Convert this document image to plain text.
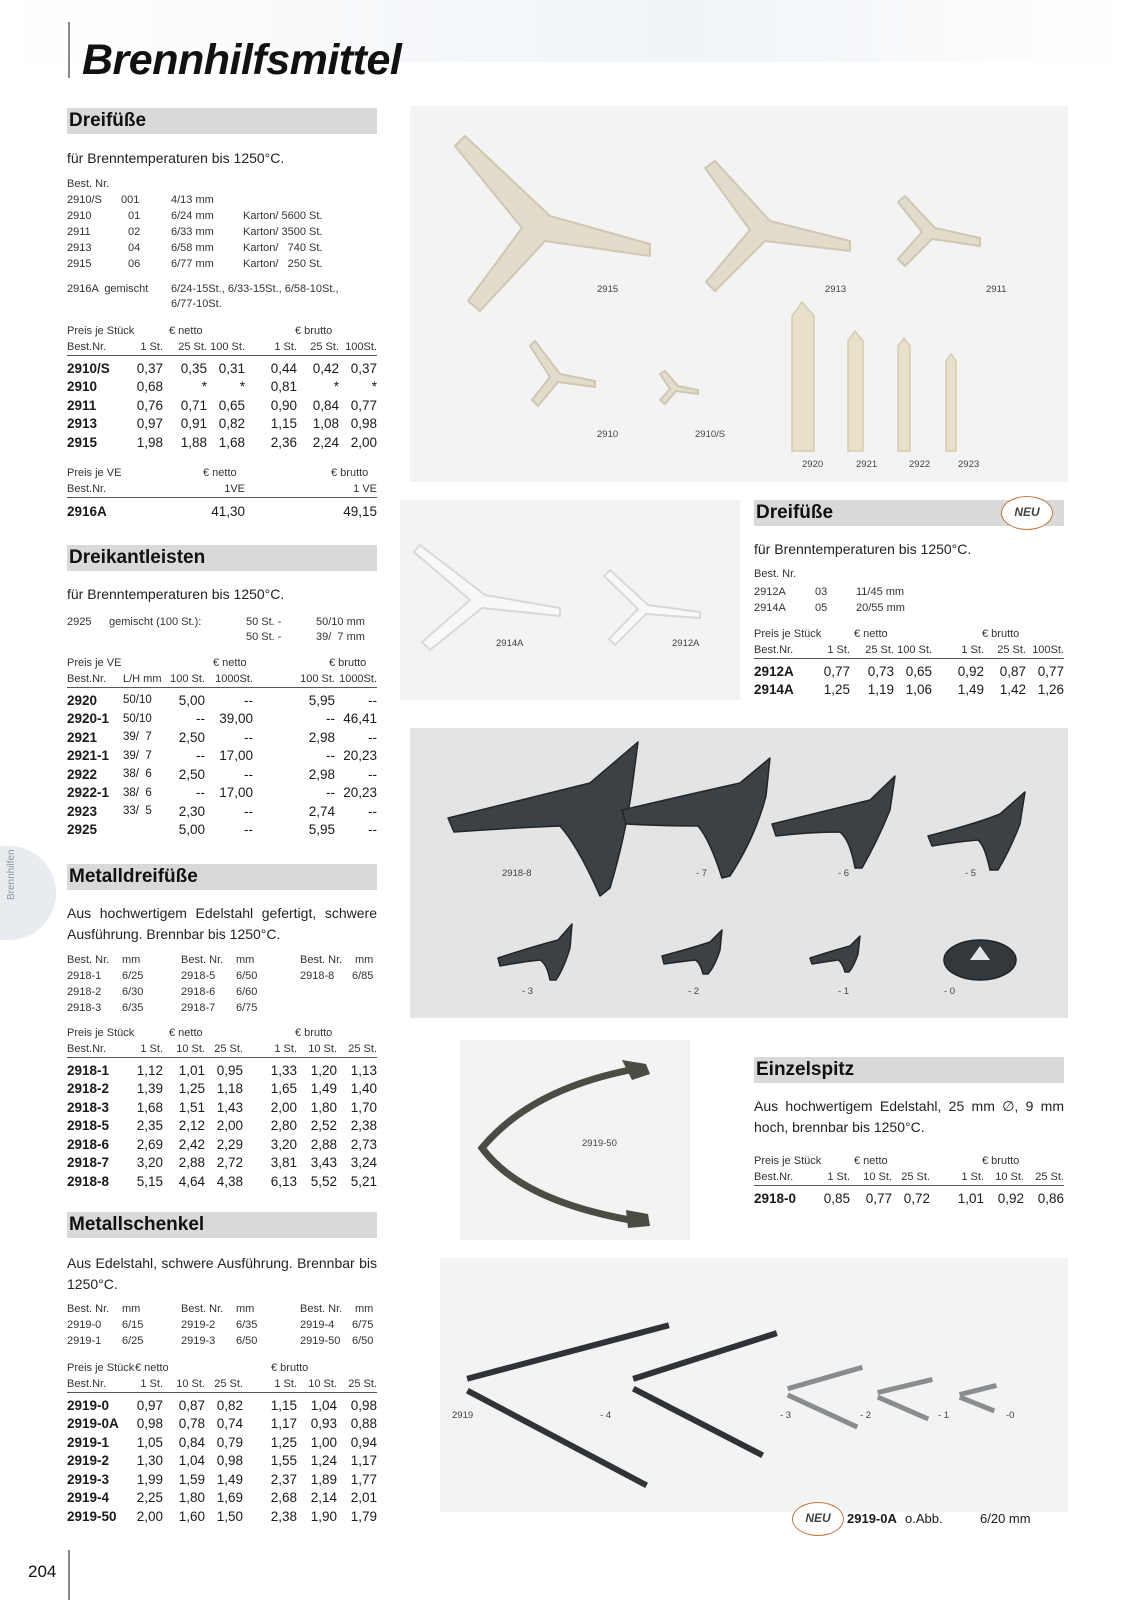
Brennhilfsmittel
Dreifüße
für Brenntemperaturen bis 1250°C.
Best. Nr.
2910/S 001	4/13 mm
2910	01	6/24 mm	Karton/ 5600 St.
2911	02	6/33 mm	Karton/ 3500 St.
2913	04	6/58 mm	Karton/   740 St.
2915	06	6/77 mm	Karton/   250 St.
2916A  gemischt 6/24-15St., 6/33-15St., 6/58-10St.,
6/77-10St.
Preis je Stück	€ netto	€ brutto
Best.Nr.	1 St. 25 St. 100 St.	1 St. 25 St. 100St.
2910/S	0,37	0,35	0,31	0,44	0,42	0,37
2910	0,68	*	*	0,81	*	*
2911	0,76	0,71	0,65	0,90	0,84	0,77
2913	0,97	0,91	0,82	1,15	1,08	0,98
2915	1,98	1,88	1,68	2,36	2,24	2,00
Preis je VE	€ netto	€ brutto
Best.Nr.	1VE	1 VE
2916A	41,30	49,15
Dreikantleisten
für Brenntemperaturen bis 1250°C.
2925 gemischt (100 St.):	50 St. -	50/10 mm
50 St. -	39/  7 mm
Preis je VE	€ netto	€ brutto
Best.Nr. L/H mm 100 St. 1000St.	100 St. 1000St.
2920	50/10	5,00	--	5,95	--
2920-1	50/10	--	39,00	--	46,41
2921	39/  7	2,50	--	2,98	--
2921-1	39/  7	--	17,00	--	20,23
2922	38/  6	2,50	--	2,98	--
2922-1	38/  6	--	17,00	--	20,23
2923	33/  5	2,30	--	2,74	--
2925		5,00	--	5,95	--
Brennhilfen	Metalldreifüße
Aus hochwertigem Edelstahl gefertigt, schwere Ausführung. Brennbar bis 1250°C.
Best. Nr. mm
2918-1 6/25
2918-2 6/30
2918-3 6/35
Best. Nr. mm
2918-5 6/50
2918-6 6/60
2918-7 6/75
Best. Nr. mm
2918-8 6/85
Preis je Stück	€ netto	€ brutto
Best.Nr.	1 St. 10 St. 25 St.	1 St. 10 St. 25 St.
2918-1	1,12	1,01	0,95	1,33	1,20	1,13
2918-2	1,39	1,25	1,18	1,65	1,49	1,40
2918-3	1,68	1,51	1,43	2,00	1,80	1,70
2918-5	2,35	2,12	2,00	2,80	2,52	2,38
2918-6	2,69	2,42	2,29	3,20	2,88	2,73
2918-7	3,20	2,88	2,72	3,81	3,43	3,24
2918-8	5,15	4,64	4,38	6,13	5,52	5,21
Metallschenkel
Aus Edelstahl, schwere Ausführung. Brennbar bis 1250°C.
Best. Nr. mm
2919-0 6/15
2919-1 6/25
Best. Nr. mm
2919-2 6/35
2919-3 6/50
Best. Nr. mm
2919-4 6/75
2919-50 6/50
Preis je Stück € netto	€ brutto
Best.Nr.	1 St. 10 St. 25 St.	1 St. 10 St. 25 St.
2919-0	0,97	0,87	0,82	1,15	1,04	0,98
2919-0A	0,98	0,78	0,74	1,17	0,93	0,88
2919-1	1,05	0,84	0,79	1,25	1,00	0,94
2919-2	1,30	1,04	0,98	1,55	1,24	1,17
2919-3	1,99	1,59	1,49	2,37	1,89	1,77
2919-4	2,25	1,80	1,69	2,68	2,14	2,01
2919-50	2,00	1,60	1,50	2,38	1,90	1,79
2915	2913	2911
2910	2910/S
2920	2921	2922	2923
2914A	2912A
Dreifüße	NEU
für Brenntemperaturen bis 1250°C.
Best. Nr.
2912A	03	11/45 mm
2914A	05	20/55 mm
Preis je Stück	€ netto	€ brutto
Best.Nr.	1 St. 25 St. 100 St.	1 St. 25 St. 100St.
2912A	0,77	0,73	0,65	0,92	0,87	0,77
2914A	1,25	1,19	1,06	1,49	1,42	1,26
2918-8	- 7	- 6	- 5
- 3	- 2	- 1	- 0
2919-50
Einzelspitz
Aus hochwertigem Edelstahl, 25 mm ∅, 9 mm hoch, brennbar bis 1250°C.
Preis je Stück	€ netto	€ brutto
Best.Nr.	1 St. 10 St. 25 St.	1 St. 10 St. 25 St.
2918-0	0,85	0,77	0,72	1,01	0,92	0,86
2919	- 4	- 3	- 2	- 1	-0
NEU	2919-0A o.Abb.	6/20 mm
204
